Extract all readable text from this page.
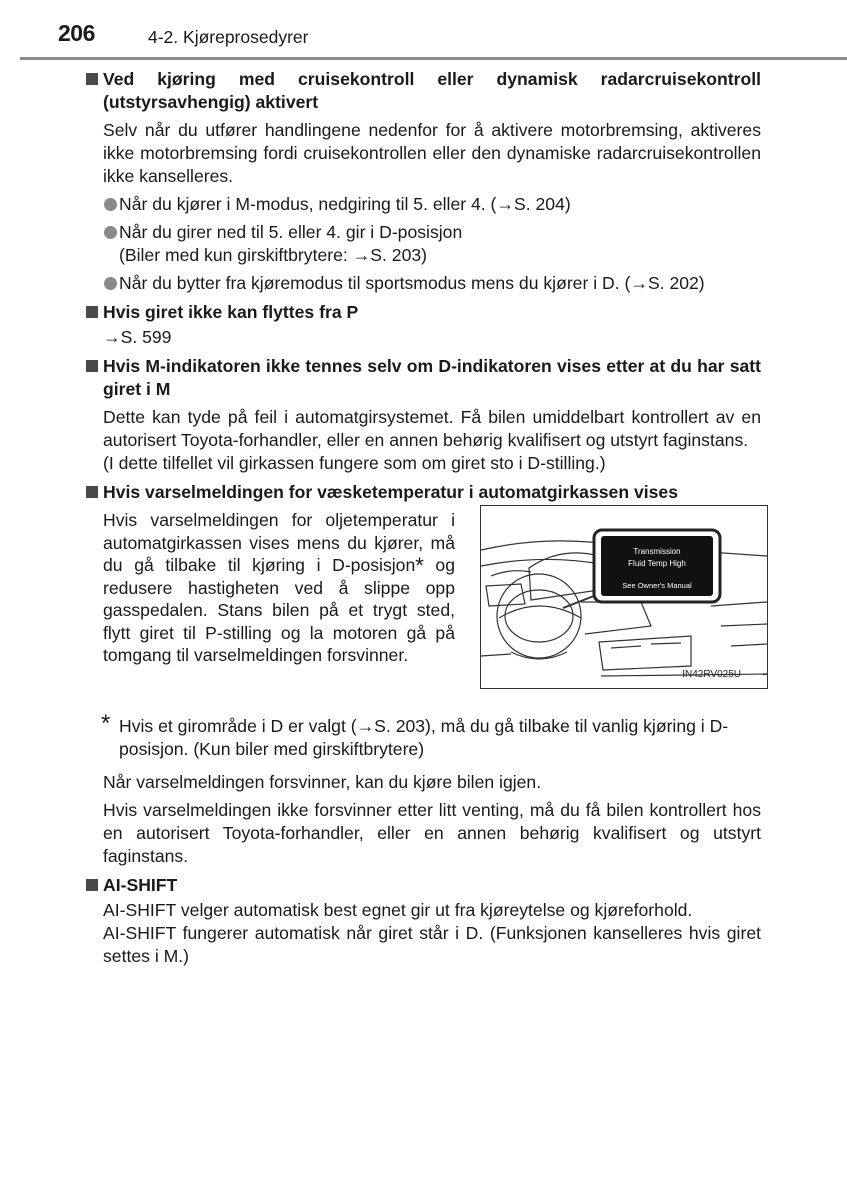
206	4-2. Kjøreprosedyrer
Ved kjøring med cruisekontroll eller dynamisk radarcruisekontroll (utstyrsavhengig) aktivert
Selv når du utfører handlingene nedenfor for å aktivere motorbremsing, aktiveres ikke motorbremsing fordi cruisekontrollen eller den dynamiske radarcruisekontrollen ikke kanselleres.
Når du kjører i M-modus, nedgiring til 5. eller 4. (→S. 204)
Når du girer ned til 5. eller 4. gir i D-posisjon
(Biler med kun girskiftbrytere: →S. 203)
Når du bytter fra kjøremodus til sportsmodus mens du kjører i D. (→S. 202)
Hvis giret ikke kan flyttes fra P
→S. 599
Hvis M-indikatoren ikke tennes selv om D-indikatoren vises etter at du har satt giret i M
Dette kan tyde på feil i automatgirsystemet. Få bilen umiddelbart kontrollert av en autorisert Toyota-forhandler, eller en annen behørig kvalifisert og utstyrt faginstans.
(I dette tilfellet vil girkassen fungere som om giret sto i D-stilling.)
Hvis varselmeldingen for væsketemperatur i automatgirkassen vises
Hvis varselmeldingen for oljetemperatur i automatgirkassen vises mens du kjører, må du gå tilbake til kjøring i D-posisjon* og redusere hastigheten ved å slippe opp gasspedalen. Stans bilen på et trygt sted, flytt giret til P-stilling og la motoren gå på tomgang til varselmeldingen forsvinner.
Transmission
Fluid Temp High
See Owner's Manual
IN42RV025U
* Hvis et girområde i D er valgt (→S. 203), må du gå tilbake til vanlig kjøring i D-posisjon. (Kun biler med girskiftbrytere)
Når varselmeldingen forsvinner, kan du kjøre bilen igjen.
Hvis varselmeldingen ikke forsvinner etter litt venting, må du få bilen kontrollert hos en autorisert Toyota-forhandler, eller en annen behørig kvalifisert og utstyrt faginstans.
AI-SHIFT
AI-SHIFT velger automatisk best egnet gir ut fra kjøreytelse og kjøreforhold.
AI-SHIFT fungerer automatisk når giret står i D. (Funksjonen kanselleres hvis giret settes i M.)
